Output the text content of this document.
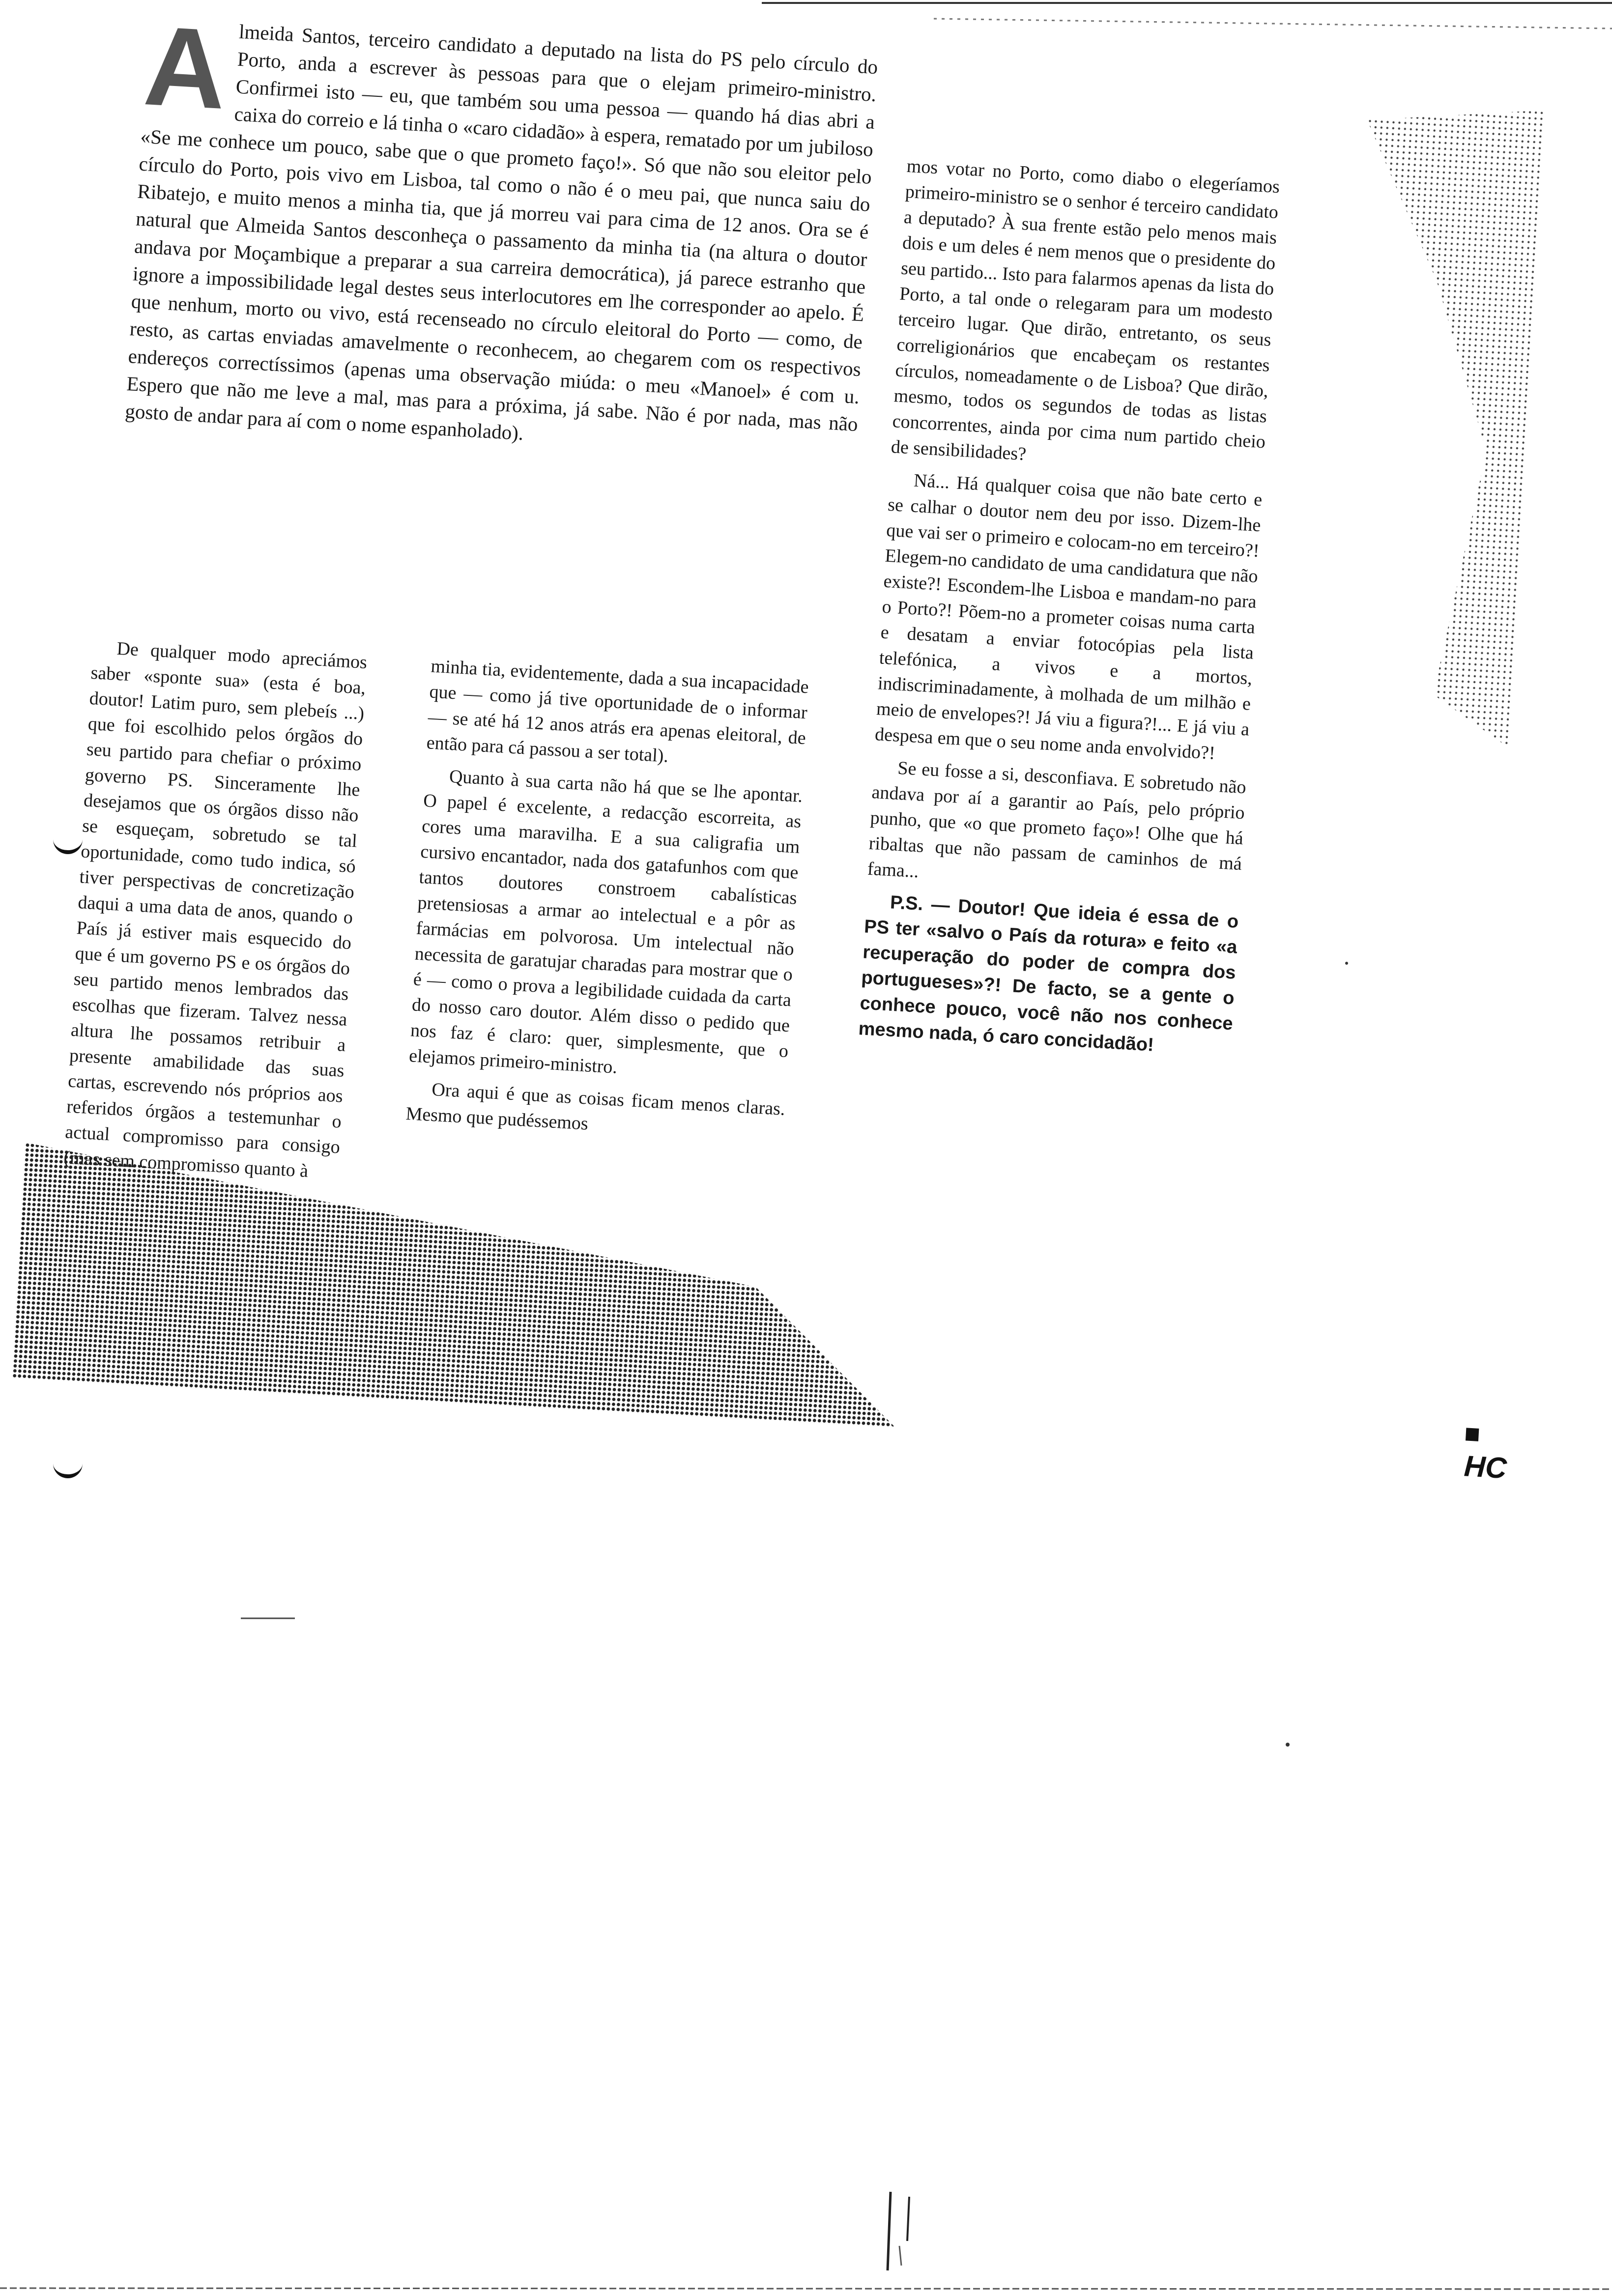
A lmeida Santos, terceiro candidato a deputado na lista do PS pelo círculo do Porto, anda a escrever às pessoas para que o elejam primeiro-ministro. Confirmei isto — eu, que também sou uma pessoa — quando há dias abri a caixa do correio e lá tinha o «caro cidadão» à espera, rematado por um jubiloso «Se me conhece um pouco, sabe que o que prometo faço!». Só que não sou eleitor pelo círculo do Porto, pois vivo em Lisboa, tal como o não é o meu pai, que nunca saiu do Ribatejo, e muito menos a minha tia, que já morreu vai para cima de 12 anos. Ora se é natural que Almeida Santos desconheça o passamento da minha tia (na altura o doutor andava por Moçambique a preparar a sua carreira democrática), já parece estranho que ignore a impossibilidade legal destes seus interlocutores em lhe corresponder ao apelo. É que nenhum, morto ou vivo, está recenseado no círculo eleitoral do Porto — como, de resto, as cartas enviadas amavelmente o reconhecem, ao chegarem com os respectivos endereços correctíssimos (apenas uma observação miúda: o meu «Manoel» é com u. Espero que não me leve a mal, mas para a próxima, já sabe. Não é por nada, mas não gosto de andar para aí com o nome espanholado).

De qualquer modo apreciámos saber «sponte sua» (esta é boa, doutor! Latim puro, sem plebeís ...) que foi escolhido pelos órgãos do seu partido para chefiar o próximo governo PS. Sinceramente lhe desejamos que os órgãos disso não se esqueçam, sobretudo se tal oportunidade, como tudo indica, só tiver perspectivas de concretização daqui a uma data de anos, quando o País já estiver mais esquecido do que é um governo PS e os órgãos do seu partido menos lembrados das escolhas que fizeram. Talvez nessa altura lhe possamos retribuir a presente amabilidade das suas cartas, escrevendo nós próprios aos referidos órgãos a testemunhar o actual compromisso para consigo (mas sem compromisso quanto à

minha tia, evidentemente, dada a sua incapacidade que — como já tive oportunidade de o informar — se até há 12 anos atrás era apenas eleitoral, de então para cá passou a ser total).

Quanto à sua carta não há que se lhe apontar. O papel é excelente, a redacção escorreita, as cores uma maravilha. E a sua caligrafia um cursivo encantador, nada dos gatafunhos com que tantos doutores constroem cabalísticas pretensiosas a armar ao intelectual e a pôr as farmácias em polvorosa. Um intelectual não necessita de garatujar charadas para mostrar que o é — como o prova a legibilidade cuidada da carta do nosso caro doutor. Além disso o pedido que nos faz é claro: quer, simplesmente, que o elejamos primeiro-ministro.

Ora aqui é que as coisas ficam menos claras. Mesmo que pudéssemos

mos votar no Porto, como diabo o elegeríamos primeiro-ministro se o senhor é terceiro candidato a deputado? À sua frente estão pelo menos mais dois e um deles é nem menos que o presidente do seu partido... Isto para falarmos apenas da lista do Porto, a tal onde o relegaram para um modesto terceiro lugar. Que dirão, entretanto, os seus correligionários que encabeçam os restantes círculos, nomeadamente o de Lisboa? Que dirão, mesmo, todos os segundos de todas as listas concorrentes, ainda por cima num partido cheio de sensibilidades?

Ná... Há qualquer coisa que não bate certo e se calhar o doutor nem deu por isso. Dizem-lhe que vai ser o primeiro e colocam-no em terceiro?! Elegem-no candidato de uma candidatura que não existe?! Escondem-lhe Lisboa e mandam-no para o Porto?! Põem-no a prometer coisas numa carta e desatam a enviar fotocópias pela lista telefónica, a vivos e a mortos, indiscriminadamente, à molhada de um milhão e meio de envelopes?! Já viu a figura?!... E já viu a despesa em que o seu nome anda envolvido?!

Se eu fosse a si, desconfiava. E sobretudo não andava por aí a garantir ao País, pelo próprio punho, que «o que prometo faço»! Olhe que há ribaltas que não passam de caminhos de má fama...

P.S. — Doutor! Que ideia é essa de o PS ter «salvo o País da rotura» e feito «a recuperação do poder de compra dos portugueses»?! De facto, se a gente o conhece pouco, você não nos conhece mesmo nada, ó caro concidadão!

HC
